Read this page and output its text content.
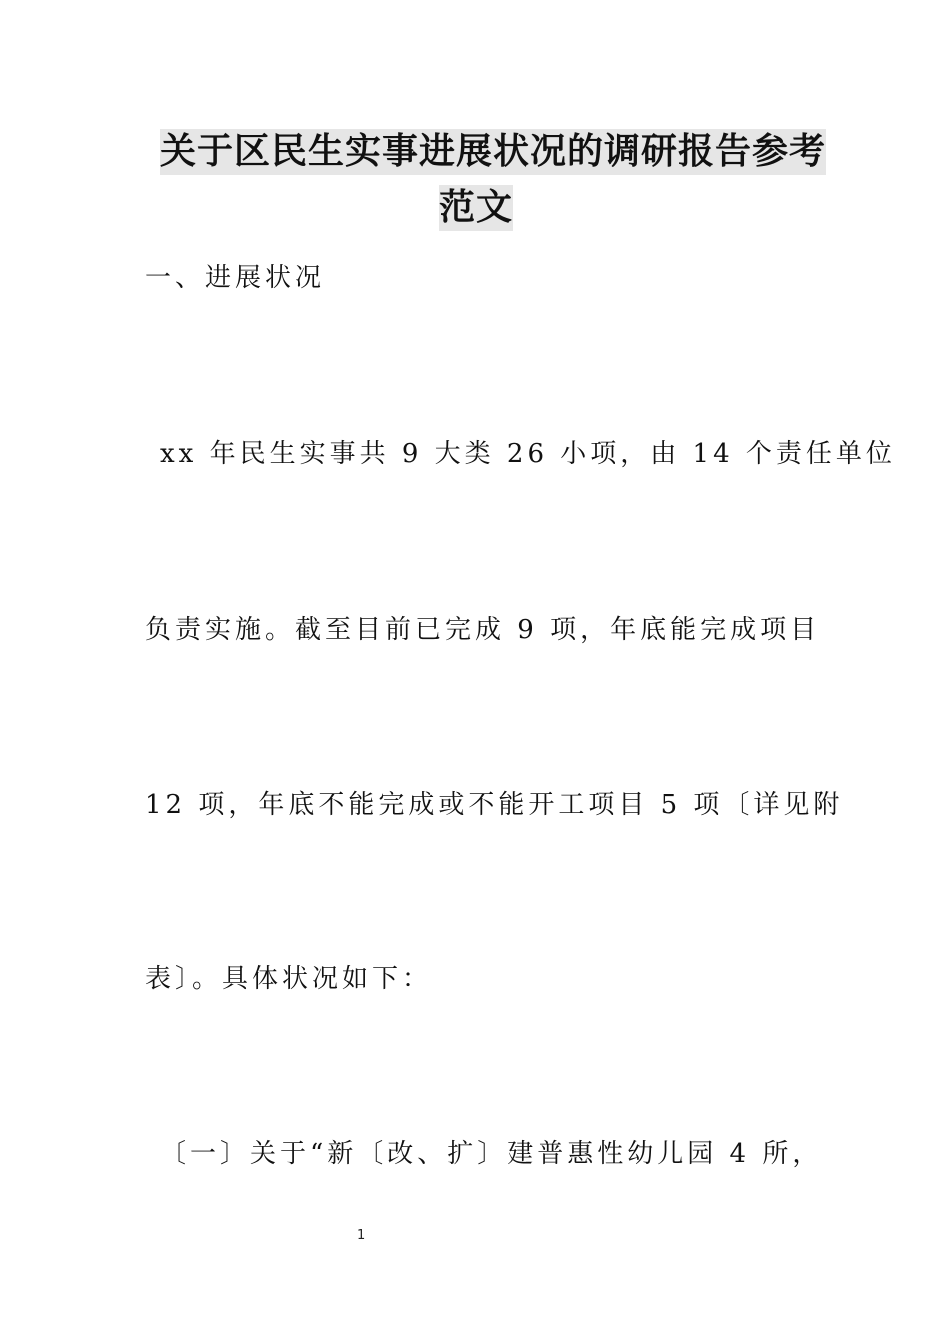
关于区民生实事进展状况的调研报告参考
范文
一、进展状况
xx 年民生实事共 9 大类 26 小项，由 14 个责任单位
负责实施。截至目前已完成 9 项，年底能完成项目
12 项，年底不能完成或不能开工项目 5 项〔详见附
表〕。具体状况如下：
〔一〕关于“新〔改、扩〕建普惠性幼儿园 4 所，
1
